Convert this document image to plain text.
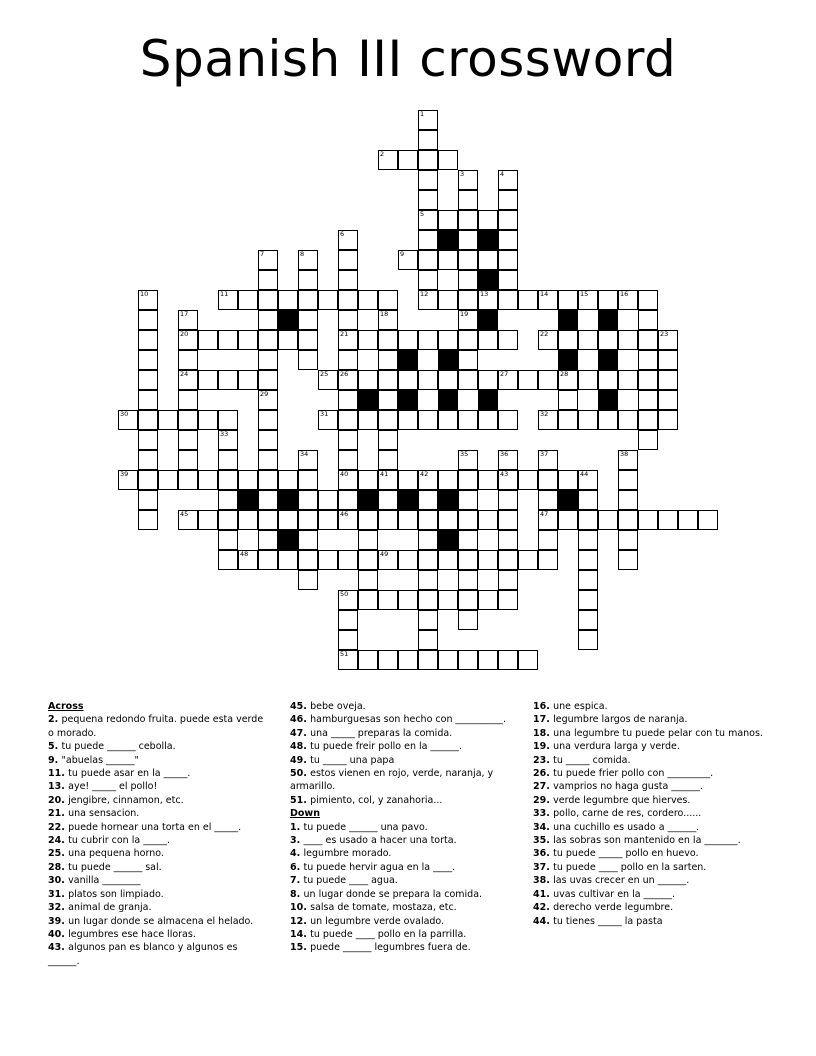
Spanish III crossword
1
5
2
3	4
6
21
26
40
7	8	9
10	11	12	13	14	15	16
17
20
24
18
41
19
28
22	23
25	27
29
30	31	32
33
34	35	36
43
37
47
38
39	42	44
45	46
48	49
50
51
Across
2. pequena redondo fruita. puede esta verde o morado.
5. tu puede ______ cebolla.
9. "abuelas ______"
11. tu puede asar en la _____.
13. aye! _____ el pollo!
20. jengibre, cinnamon, etc.
21. una sensacion.
22. puede hornear una torta en el _____.
24. tu cubrir con la _____.
25. una pequena horno.
28. tu puede ______ sal.
30. vanilla ________
31. platos son limpiado.
32. animal de granja.
39. un lugar donde se almacena el helado.
40. legumbres ese hace lloras.
43. algunos pan es blanco y algunos es ______.
45. bebe oveja.
46. hamburguesas son hecho con __________.
47. una _____ preparas la comida.
48. tu puede freir pollo en la ______.
49. tu _____ una papa
50. estos vienen en rojo, verde, naranja, y armarillo.
51. pimiento, col, y zanahoria...
Down
1. tu puede ______ una pavo.
3. ____ es usado a hacer una torta.
4. legumbre morado.
6. tu puede hervir agua en la ____.
7. tu puede ____ agua.
8. un lugar donde se prepara la comida.
10. salsa de tomate, mostaza, etc.
12. un legumbre verde ovalado.
14. tu puede ____ pollo en la parrilla.
15. puede ______ legumbres fuera de.
16. une espica.
17. legumbre largos de naranja.
18. una legumbre tu puede pelar con tu manos.
19. una verdura larga y verde.
23. tu _____ comida.
26. tu puede frier pollo con _________.
27. vamprios no haga gusta ______.
29. verde legumbre que hierves.
33. pollo, carne de res, cordero......
34. una cuchillo es usado a ______.
35. las sobras son mantenido en la _______.
36. tu puede _____ pollo en huevo.
37. tu puede ____ pollo en la sarten.
38. las uvas crecer en un ______.
41. uvas cultivar en la ______.
42. derecho verde legumbre.
44. tu tienes _____ la pasta
